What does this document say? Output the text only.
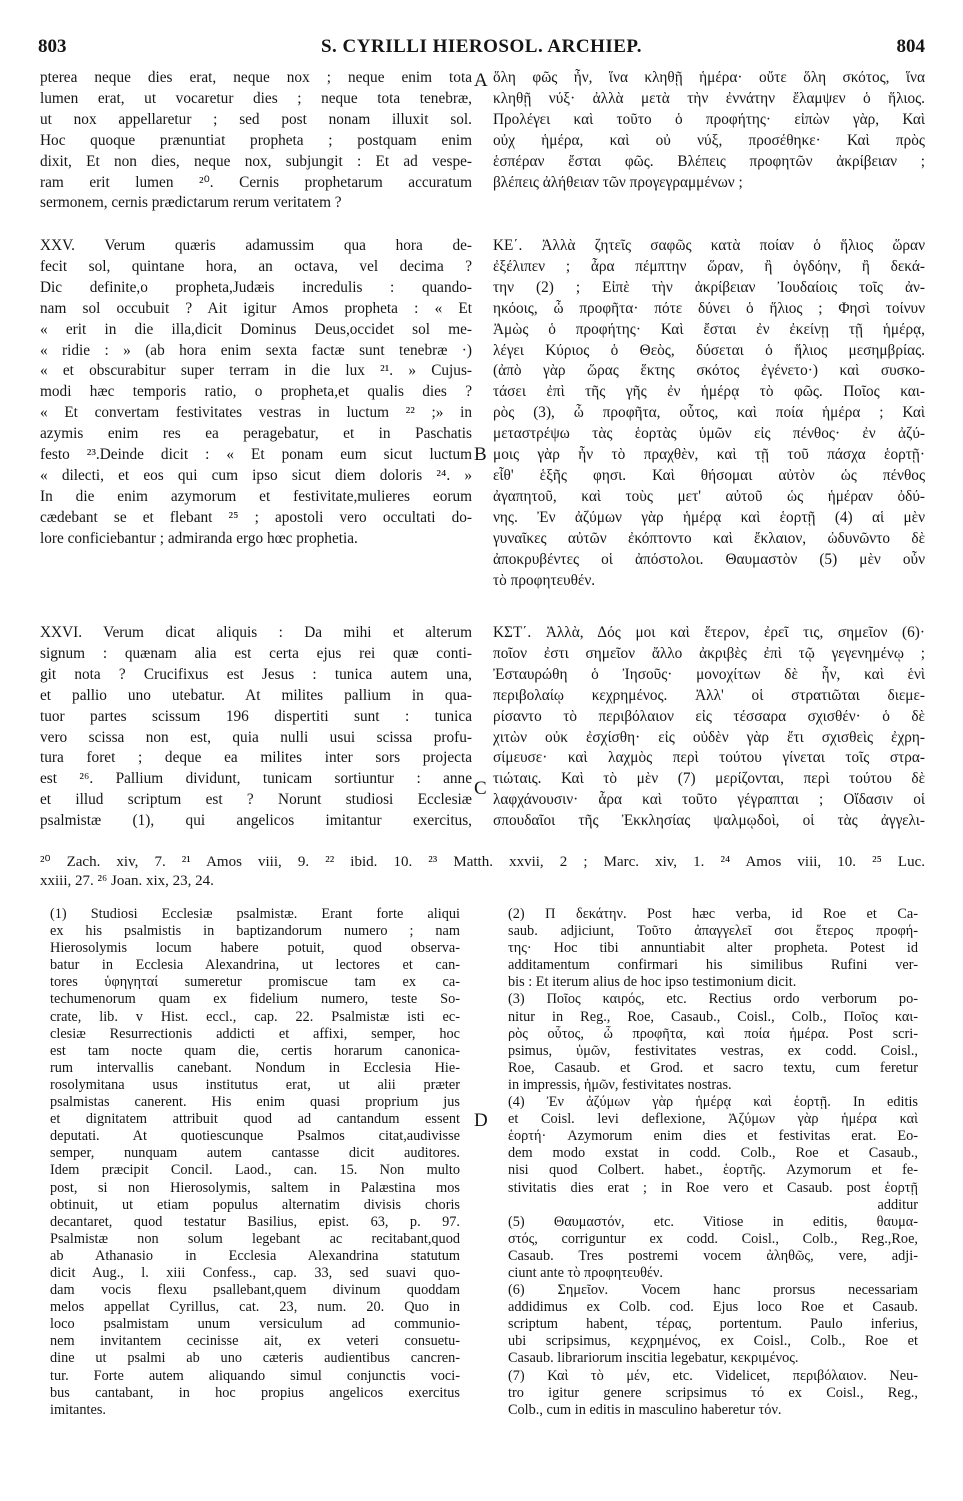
803	S. CYRILLI HIEROSOL. ARCHIEP.	804
A
B
C
D
pterea neque dies erat, neque nox ; neque enim tota
lumen erat, ut vocaretur dies ; neque tota tenebræ,
ut nox appellaretur ; sed post nonam illuxit sol.
Hoc quoque prænuntiat propheta ; postquam enim
dixit, Et non dies, neque nox, subjungit : Et ad vespe-
ram erit lumen ²⁰. Cernis prophetarum accuratum
sermonem, cernis prædictarum rerum veritatem ?
XXV. Verum quæris adamussim qua hora de-
fecit sol, quintane hora, an octava, vel decima ?
Dic definite,o propheta,Judæis incredulis : quando-
nam sol occubuit ? Ait igitur Amos propheta : « Et
« erit in die illa,dicit Dominus Deus,occidet sol me-
« ridie : » (ab hora enim sexta factæ sunt tenebræ ·)
« et obscurabitur super terram in die lux ²¹. » Cujus-
modi hæc temporis ratio, o propheta,et qualis dies ?
« Et convertam festivitates vestras in luctum ²² ;» in
azymis enim res ea peragebatur, et in Paschatis
festo ²³.Deinde dicit : « Et ponam eum sicut luctum
« dilecti, et eos qui cum ipso sicut diem doloris ²⁴. »
In die enim azymorum et festivitate,mulieres eorum
cædebant se et flebant ²⁵ ; apostoli vero occultati do-
lore conficiebantur ; admiranda ergo hœc prophetia.
XXVI. Verum dicat aliquis : Da mihi et alterum
signum : quænam alia est certa ejus rei quæ conti-
git nota ? Crucifixus est Jesus : tunica autem una,
et pallio uno utebatur. At milites pallium in qua-
tuor partes scissum 196 dispertiti sunt : tunica
vero scissa non est, quia nulli usui scissa profu-
tura foret ; deque ea milites inter sors projecta
est ²⁶. Pallium dividunt, tunicam sortiuntur : anne
et illud scriptum est ? Norunt studiosi Ecclesiæ
psalmistæ (1), qui angelicos imitantur exercitus,
ὅλη φῶς ἦν, ἵνα κληθῇ ἡμέρα· οὔτε ὅλη σκότος, ἵνα
κληθῇ νύξ· ἀλλὰ μετὰ τὴν ἐννάτην ἔλαμψεν ὁ ἥλιος.
Προλέγει καὶ τοῦτο ὁ προφήτης· εἰπὼν γὰρ, Καὶ
οὐχ ἡμέρα, καὶ οὐ νύξ, προσέθηκε· Καὶ πρὸς
ἑσπέραν ἔσται φῶς. Βλέπεις προφητῶν ἀκρίβειαν ;
βλέπεις ἀλήθειαν τῶν προγεγραμμένων ;
ΚΕ΄. Ἀλλὰ ζητεῖς σαφῶς κατὰ ποίαν ὁ ἥλιος ὥραν
ἐξέλιπεν ; ἆρα πέμπτην ὥραν, ἢ ὀγδόην, ἢ δεκά-
την (2) ; Εἰπὲ τὴν ἀκρίβειαν Ἰουδαίοις τοῖς ἀν-
ηκόοις, ὦ προφῆτα· πότε δύνει ὁ ἥλιος ; Φησὶ τοίνυν
Ἀμὼς ὁ προφήτης· Καὶ ἔσται ἐν ἐκείνῃ τῇ ἡμέρᾳ,
λέγει Κύριος ὁ Θεὸς, δύσεται ὁ ἥλιος μεσημβρίας.
(ἀπὸ γὰρ ὥρας ἕκτης σκότος ἐγένετο·) καὶ συσκο-
τάσει ἐπὶ τῆς γῆς ἐν ἡμέρᾳ τὸ φῶς. Ποῖος και-
ρὸς (3), ὦ προφῆτα, οὗτος, καὶ ποία ἡμέρα ; Καὶ
μεταστρέψω τὰς ἑορτὰς ὑμῶν εἰς πένθος· ἐν ἀζύ-
μοις γὰρ ἦν τὸ πραχθὲν, καὶ τῇ τοῦ πάσχα ἑορτῇ·
εἶθ' ἑξῆς φησι. Καὶ θήσομαι αὐτὸν ὡς πένθος
ἀγαπητοῦ, καὶ τοὺς μετ' αὐτοῦ ὡς ἡμέραν ὀδύ-
νης. Ἐν ἀζύμων γὰρ ἡμέρᾳ καὶ ἑορτῇ (4) αἱ μὲν
γυναῖκες αὐτῶν ἐκόπτοντο καὶ ἔκλαιον, ὠδυνῶντο δὲ
ἀποκρυβέντες οἱ ἀπόστολοι. Θαυμαστὸν (5) μὲν οὖν
τὸ προφητευθέν.
ΚΣΤ΄. Ἀλλὰ, Δός μοι καὶ ἕτερον, ἐρεῖ τις, σημεῖον (6)·
ποῖον ἐστι σημεῖον ἄλλο ἀκριβὲς ἐπὶ τῷ γεγενημένῳ ;
Ἐσταυρώθη ὁ Ἰησοῦς· μονοχίτων δὲ ἦν, καὶ ἑνὶ
περιβολαίῳ κεχρημένος. Ἀλλ' οἱ στρατιῶται διεμε-
ρίσαντο τὸ περιβόλαιον εἰς τέσσαρα σχισθέν· ὁ δὲ
χιτὼν οὐκ ἐσχίσθη· εἰς οὐδὲν γὰρ ἔτι σχισθεὶς ἐχρη-
σίμευσε· καὶ λαχμὸς περὶ τούτου γίνεται τοῖς στρα-
τιώταις. Καὶ τὸ μὲν (7) μερίζονται, περὶ τούτου δὲ
λαφχάνουσιν· ἆρα καὶ τοῦτο γέγραπται ; Οἴδασιν οἱ
σπουδαῖοι τῆς Ἐκκλησίας ψαλμῳδοὶ, οἱ τὰς ἀγγελι-
²⁰ Zach. xiv, 7. ²¹ Amos viii, 9. ²² ibid. 10. ²³ Matth. xxvii, 2 ; Marc. xiv, 1. ²⁴ Amos viii, 10. ²⁵ Luc.
xxiii, 27. ²⁶ Joan. xix, 23, 24.
(1) Studiosi Ecclesiæ psalmistæ. Erant forte aliqui
ex his psalmistis in baptizandorum numero ; nam
Hierosolymis locum habere potuit, quod observa-
batur in Ecclesia Alexandrina, ut lectores et can-
tores ὑφηγηταί sumeretur promiscue tam ex ca-
techumenorum quam ex fidelium numero, teste So-
crate, lib. v Hist. eccl., cap. 22. Psalmistæ isti ec-
clesiæ Resurrectionis addicti et affixi, semper, hoc
est tam nocte quam die, certis horarum canonica-
rum intervallis canebant. Nondum in Ecclesia Hie-
rosolymitana usus institutus erat, ut alii præter
psalmistas canerent. His enim quasi proprium jus
et dignitatem attribuit quod ad cantandum essent
deputati. At quotiescunque Psalmos citat,audivisse
semper, nunquam autem cantasse dicit auditores.
Idem præcipit Concil. Laod., can. 15. Non multo
post, si non Hierosolymis, saltem in Palæstina mos
obtinuit, ut etiam populus alternatim divisis choris
decantaret, quod testatur Basilius, epist. 63, p. 97.
Psalmistæ non solum legebant ac recitabant,quod
ab Athanasio in Ecclesia Alexandrina statutum
dicit Aug., l. xiii Confess., cap. 33, sed suavi quo-
dam vocis flexu psallebant,quem divinum quoddam
melos appellat Cyrillus, cat. 23, num. 20. Quo in
loco psalmistam unum versiculum ad communio-
nem invitantem cecinisse ait, ex veteri consuetu-
dine ut psalmi ab uno cæteris audientibus cancren-
tur. Forte autem aliquando simul conjunctis voci-
bus cantabant, in hoc propius angelicos exercitus
imitantes.
(2) Π δεκάτην. Post hæc verba, id Roe et Ca-
saub. adjiciunt, Τοῦτο ἀπαγγελεῖ σοι ἕτερος προφή-
της· Hoc tibi annuntiabit alter propheta. Potest id
additamentum confirmari his similibus Rufini ver-
bis : Et iterum alius de hoc ipso testimonium dicit.
(3) Ποῖος καιρός, etc. Rectius ordo verborum po-
nitur in Reg., Roe, Casaub., Coisl., Colb., Ποῖος και-
ρὸς οὗτος, ὦ προφῆτα, καὶ ποία ἡμέρα. Post scri-
psimus, ὑμῶν, festivitates vestras, ex codd. Coisl.,
Roe, Casaub. et Grod. et sacro textu, cum feretur
in impressis, ἡμῶν, festivitates nostras.
(4) Ἐν ἀζύμων γὰρ ἡμέρᾳ καὶ ἑορτῇ. In editis
et Coisl. levi deflexione, Ἀζύμων γὰρ ἡμέρα καὶ
ἑορτή· Azymorum enim dies et festivitas erat. Eo-
dem modo exstat in codd. Colb., Roe et Casaub.,
nisi quod Colbert. habet., ἑορτῆς. Azymorum et fe-
stivitatis dies erat ; in Roe vero et Casaub. post ἑορτῇ
additur
(5) Θαυμαστόν, etc. Vitiose in editis, θαυμα-
στός, corriguntur ex codd. Coisl., Colb., Reg.,Roe,
Casaub. Tres postremi vocem ἀληθῶς, vere, adji-
ciunt ante τὸ προφητευθέν.
(6) Σημεῖον. Vocem hanc prorsus necessariam
addidimus ex Colb. cod. Ejus loco Roe et Casaub.
scriptum habent, τέρας, portentum. Paulo inferius,
ubi scripsimus, κεχρημένος, ex Coisl., Colb., Roe et
Casaub. librariorum inscitia legebatur, κεκριμένος.
(7) Καὶ τὸ μέν, etc. Videlicet, περιβόλαιον. Neu-
tro igitur genere scripsimus τό ex Coisl., Reg.,
Colb., cum in editis in masculino haberetur τόν.
